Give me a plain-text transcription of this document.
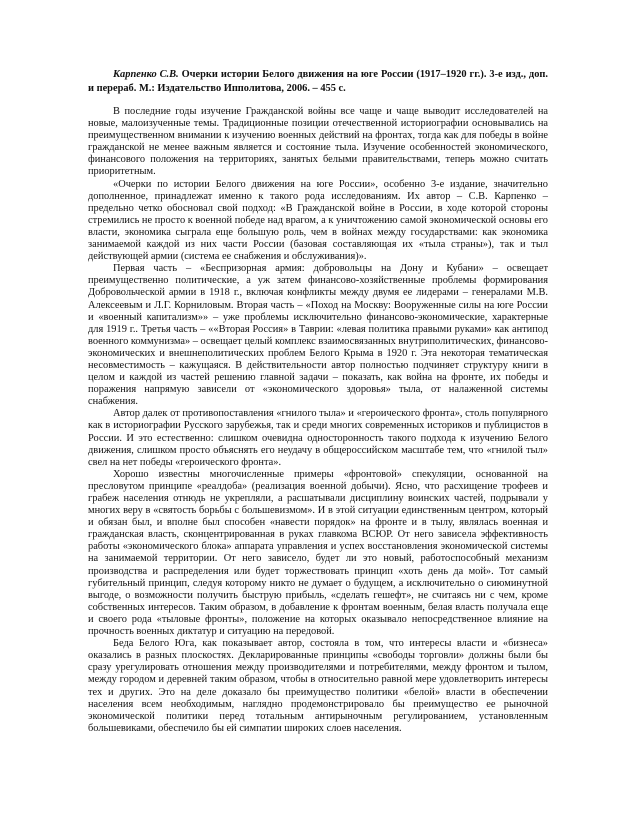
Карпенко С.В. Очерки истории Белого движения на юге России (1917–1920 гг.). 3-е изд., доп. и перераб. М.: Издательство Ипполитова, 2006. – 455 с.

В последние годы изучение Гражданской войны все чаще и чаще выводит исследователей на новые, малоизученные темы. Традиционные позиции отечественной историографии основывались на преимущественном внимании к изучению военных действий на фронтах, тогда как для победы в войне гражданской не менее важным является и состояние тыла. Изучение особенностей экономического, финансового положения на территориях, занятых белыми правительствами, теперь можно считать приоритетным.

«Очерки по истории Белого движения на юге России», особенно 3-е издание, значительно дополненное, принадлежат именно к такого рода исследованиям. Их автор – С.В. Карпенко – предельно четко обосновал свой подход: «В Гражданской войне в России, в ходе которой стороны стремились не просто к военной победе над врагом, а к уничтожению самой экономической основы его власти, экономика сыграла еще большую роль, чем в войнах между государствами: как экономика занимаемой каждой из них части России (базовая составляющая их «тыла страны»), так и тыл действующей армии (система ее снабжения и обслуживания)».

Первая часть – «Беспризорная армия: добровольцы на Дону и Кубани» – освещает преимущественно политические, а уж затем финансово-хозяйственные проблемы формирования Добровольческой армии в 1918 г., включая конфликты между двумя ее лидерами – генералами М.В. Алексеевым и Л.Г. Корниловым. Вторая часть – «Поход на Москву: Вооруженные силы на юге России и «военный капитализм»» – уже проблемы исключительно финансово-экономические, характерные для 1919 г.. Третья часть – ««Вторая Россия» в Таврии: «левая политика правыми руками» как антипод военного коммунизма» – освещает целый комплекс взаимосвязанных внутриполитических, финансово-экономических и внешнеполитических проблем Белого Крыма в 1920 г. Эта некоторая тематическая несовместимость – кажущаяся. В действительности автор полностью подчиняет структуру книги в целом и каждой из частей решению главной задачи – показать, как война на фронте, их победы и поражения напрямую зависели от «экономического здоровья» тыла, от налаженной системы снабжения.

Автор далек от противопоставления «гнилого тыла» и «героического фронта», столь популярного как в историографии Русского зарубежья, так и среди многих современных историков и публицистов в России. И это естественно: слишком очевидна односторонность такого подхода к изучению Белого движения, слишком просто объяснять его неудачу в общероссийском масштабе тем, что «гнилой тыл» свел на нет победы «героического фронта».

Хорошо известны многочисленные примеры «фронтовой» спекуляции, основанной на пресловутом принципе «реалдоба» (реализация военной добычи). Ясно, что расхищение трофеев и грабеж населения отнюдь не укрепляли, а расшатывали дисциплину воинских частей, подрывали у многих веру в «святость борьбы с большевизмом». И в этой ситуации единственным центром, который и обязан был, и вполне был способен «навести порядок» на фронте и в тылу, являлась военная и гражданская власть, сконцентрированная в руках главкома ВСЮР. От него зависела эффективность работы «экономического блока» аппарата управления и успех восстановления экономической системы на занимаемой территории. От него зависело, будет ли это новый, работоспособный механизм производства и распределения или будет торжествовать принцип «хоть день да мой». Тот самый губительный принцип, следуя которому никто не думает о будущем, а исключительно о сиюминутной выгоде, о возможности получить быструю прибыль, «сделать гешефт», не считаясь ни с чем, кроме собственных интересов. Таким образом, в добавление к фронтам военным, белая власть получала еще и своего рода «тыловые фронты», положение на которых оказывало непосредственное влияние на прочность военных диктатур и ситуацию на передовой.

Беда Белого Юга, как показывает автор, состояла в том, что интересы власти и «бизнеса» оказались в разных плоскостях. Декларированные принципы «свободы торговли» должны были бы сразу урегулировать отношения между производителями и потребителями, между фронтом и тылом, между городом и деревней таким образом, чтобы в относительно равной мере удовлетворить интересы тех и других. Это на деле доказало бы преимущество политики «белой» власти в обеспечении населения всем необходимым, наглядно продемонстрировало бы преимущество ее рыночной экономической политики перед тотальным антирыночным регулированием, установленным большевиками, обеспечило бы ей симпатии широких слоев населения.
